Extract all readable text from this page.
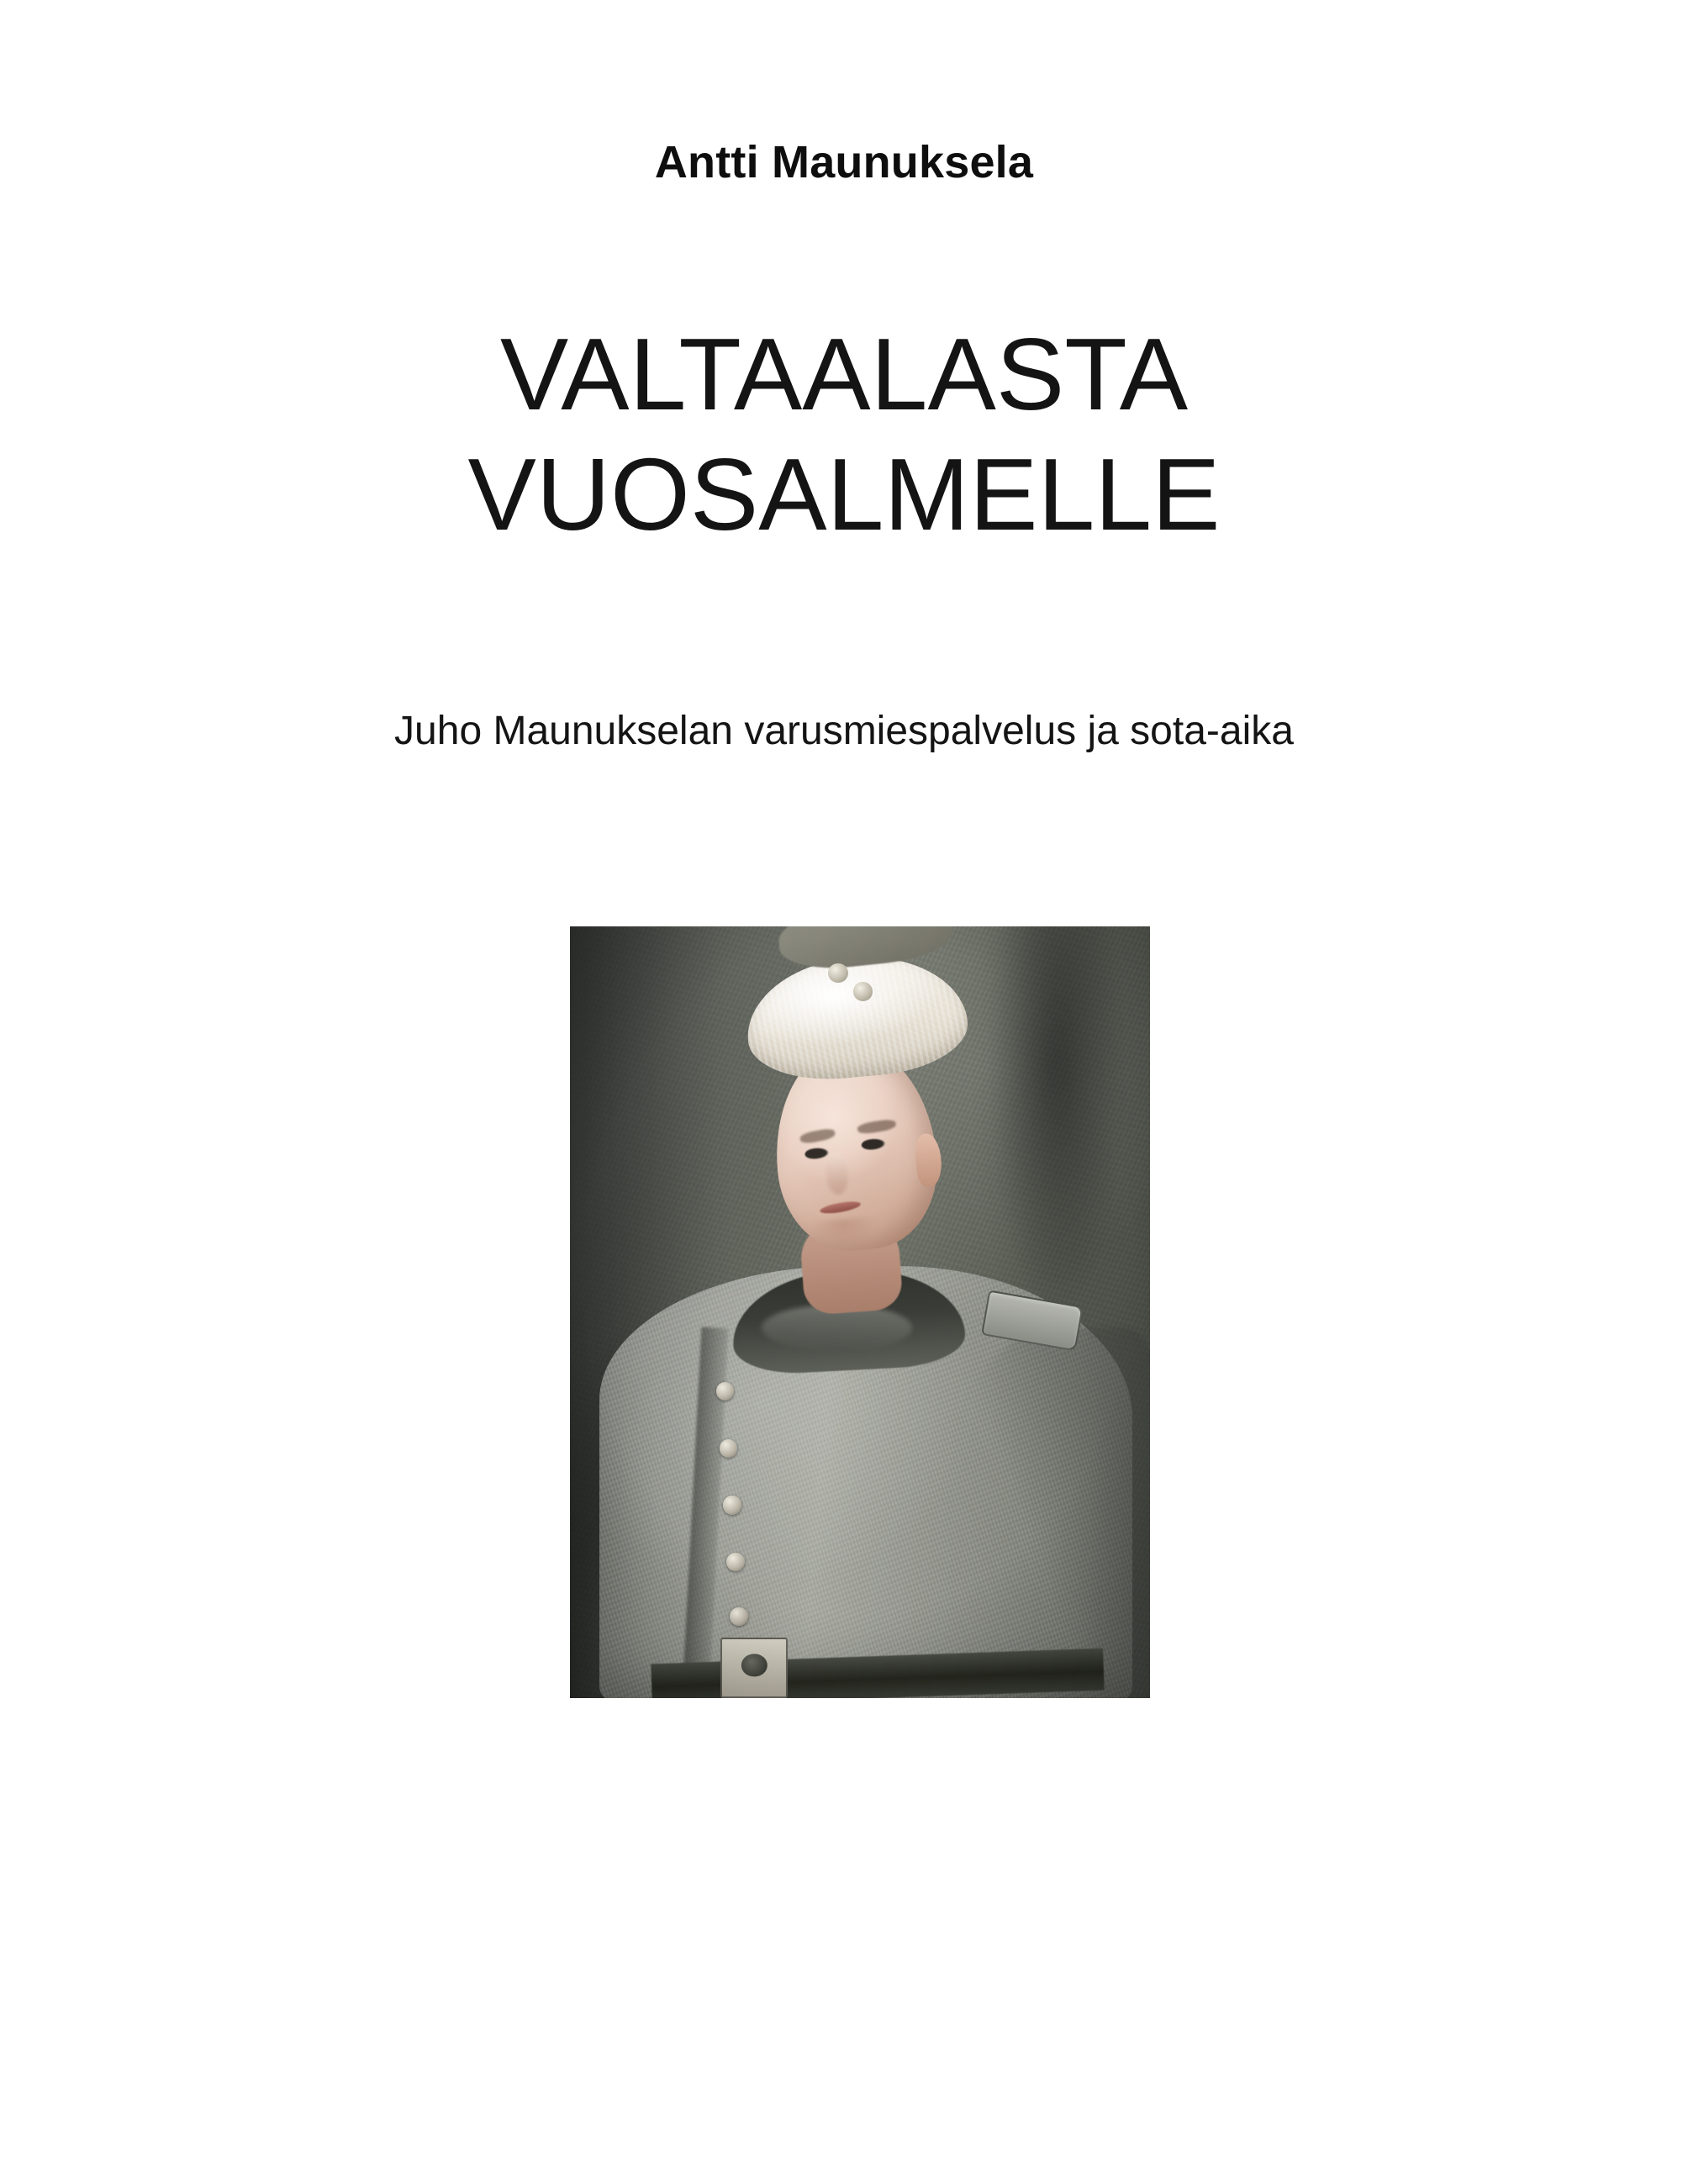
Antti Maunuksela
VALTAALASTA
VUOSALMELLE
Juho Maunukselan varusmiespalvelus ja sota-aika
